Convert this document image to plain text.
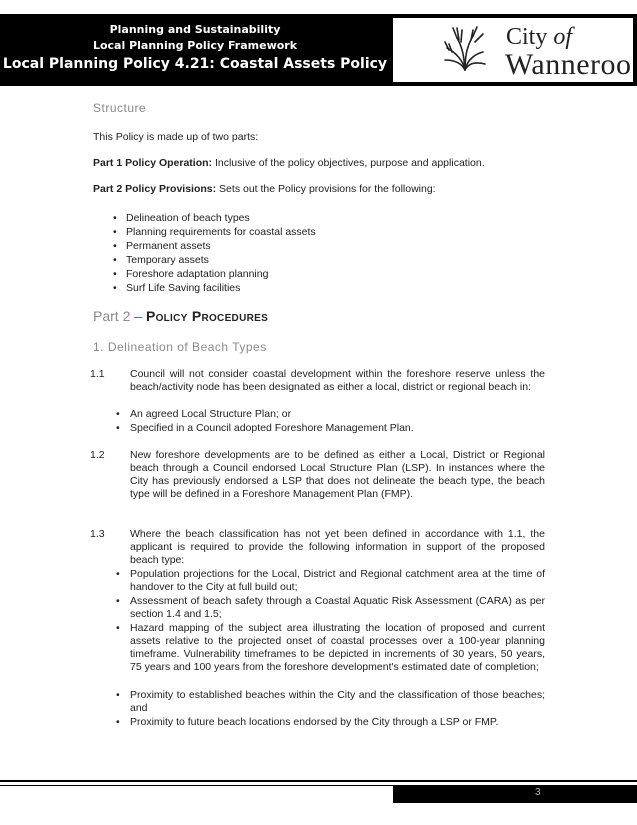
Planning and Sustainability
Local Planning Policy Framework
Local Planning Policy 4.21: Coastal Assets Policy
City of
Wanneroo
Structure
This Policy is made up of two parts:
Part 1 Policy Operation: Inclusive of the policy objectives, purpose and application.
Part 2 Policy Provisions: Sets out the Policy provisions for the following:
• Delineation of beach types
• Planning requirements for coastal assets
• Permanent assets
• Temporary assets
• Foreshore adaptation planning
• Surf Life Saving facilities
Part 2 – Policy Procedures
1. Delineation of Beach Types
1.1 Council will not consider coastal development within the foreshore reserve unless the beach/activity node has been designated as either a local, district or regional beach in:
• An agreed Local Structure Plan; or
• Specified in a Council adopted Foreshore Management Plan.
1.2 New foreshore developments are to be defined as either a Local, District or Regional beach through a Council endorsed Local Structure Plan (LSP). In instances where the City has previously endorsed a LSP that does not delineate the beach type, the beach type will be defined in a Foreshore Management Plan (FMP).
1.3 Where the beach classification has not yet been defined in accordance with 1.1, the applicant is required to provide the following information in support of the proposed beach type:
• Population projections for the Local, District and Regional catchment area at the time of handover to the City at full build out;
• Assessment of beach safety through a Coastal Aquatic Risk Assessment (CARA) as per section 1.4 and 1.5;
• Hazard mapping of the subject area illustrating the location of proposed and current assets relative to the projected onset of coastal processes over a 100-year planning timeframe. Vulnerability timeframes to be depicted in increments of 30 years, 50 years, 75 years and 100 years from the foreshore development's estimated date of completion;
• Proximity to established beaches within the City and the classification of those beaches; and
• Proximity to future beach locations endorsed by the City through a LSP or FMP.
3
